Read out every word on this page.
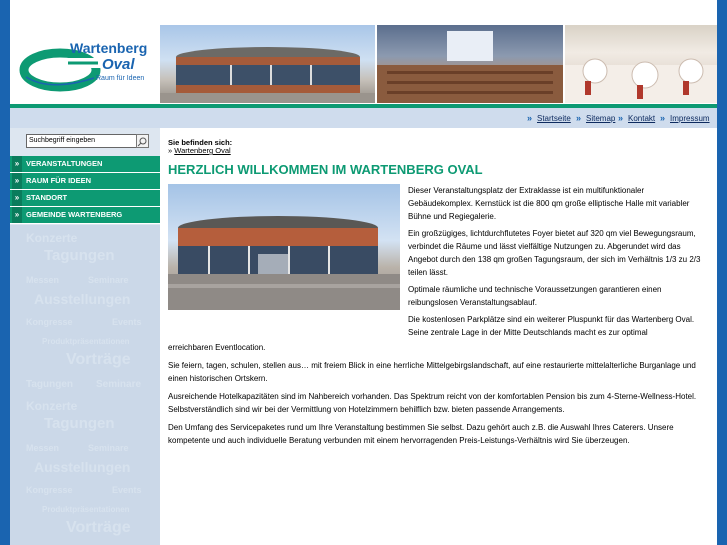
Wartenberg
Oval
Raum für Ideen
» Startseite » Sitemap » Kontakt » Impressum
Suchbegriff eingeben
» VERANSTALTUNGEN
» RAUM FÜR IDEEN
» STANDORT
» GEMEINDE WARTENBERG
Konzerte
Tagungen
Messen	Seminare
Ausstellungen
Kongresse	Events
Produktpräsentationen
Vorträge
Tagungen Seminare
Konzerte
Tagungen
Messen	Seminare
Ausstellungen
Kongresse	Events
Produktpräsentationen
Vorträge
Sie befinden sich:
» Wartenberg Oval
HERZLICH WILLKOMMEN IM WARTENBERG OVAL

Dieser Veranstaltungsplatz der Extraklasse ist ein multifunktionaler Gebäudekomplex. Kernstück ist die 800 qm große elliptische Halle mit variabler Bühne und Regiegalerie.

Ein großzügiges, lichtdurchflutetes Foyer bietet auf 320 qm viel Bewegungsraum, verbindet die Räume und lässt vielfältige Nutzungen zu. Abgerundet wird das Angebot durch den 138 qm großen Tagungsraum, der sich im Verhältnis 1/3 zu 2/3 teilen lässt.

Optimale räumliche und technische Voraussetzungen garantieren einen reibungslosen Veranstaltungsablauf.

Die kostenlosen Parkplätze sind ein weiterer Pluspunkt für das Wartenberg Oval. Seine zentrale Lage in der Mitte Deutschlands macht es zur optimal

erreichbaren Eventlocation.

Sie feiern, tagen, schulen, stellen aus… mit freiem Blick in eine herrliche Mittelgebirgslandschaft, auf eine restaurierte mittelalterliche Burganlage und einen historischen Ortskern.

Ausreichende Hotelkapazitäten sind im Nahbereich vorhanden. Das Spektrum reicht von der komfortablen Pension bis zum 4-Sterne-Wellness-Hotel. Selbstverständlich sind wir bei der Vermittlung von Hotelzimmern behilflich bzw. bieten passende Arrangements.

Den Umfang des Servicepaketes rund um Ihre Veranstaltung bestimmen Sie selbst. Dazu gehört auch z.B. die Auswahl Ihres Caterers. Unsere kompetente und auch individuelle Beratung verbunden mit einem hervorragenden Preis-Leistungs-Verhältnis wird Sie überzeugen.
